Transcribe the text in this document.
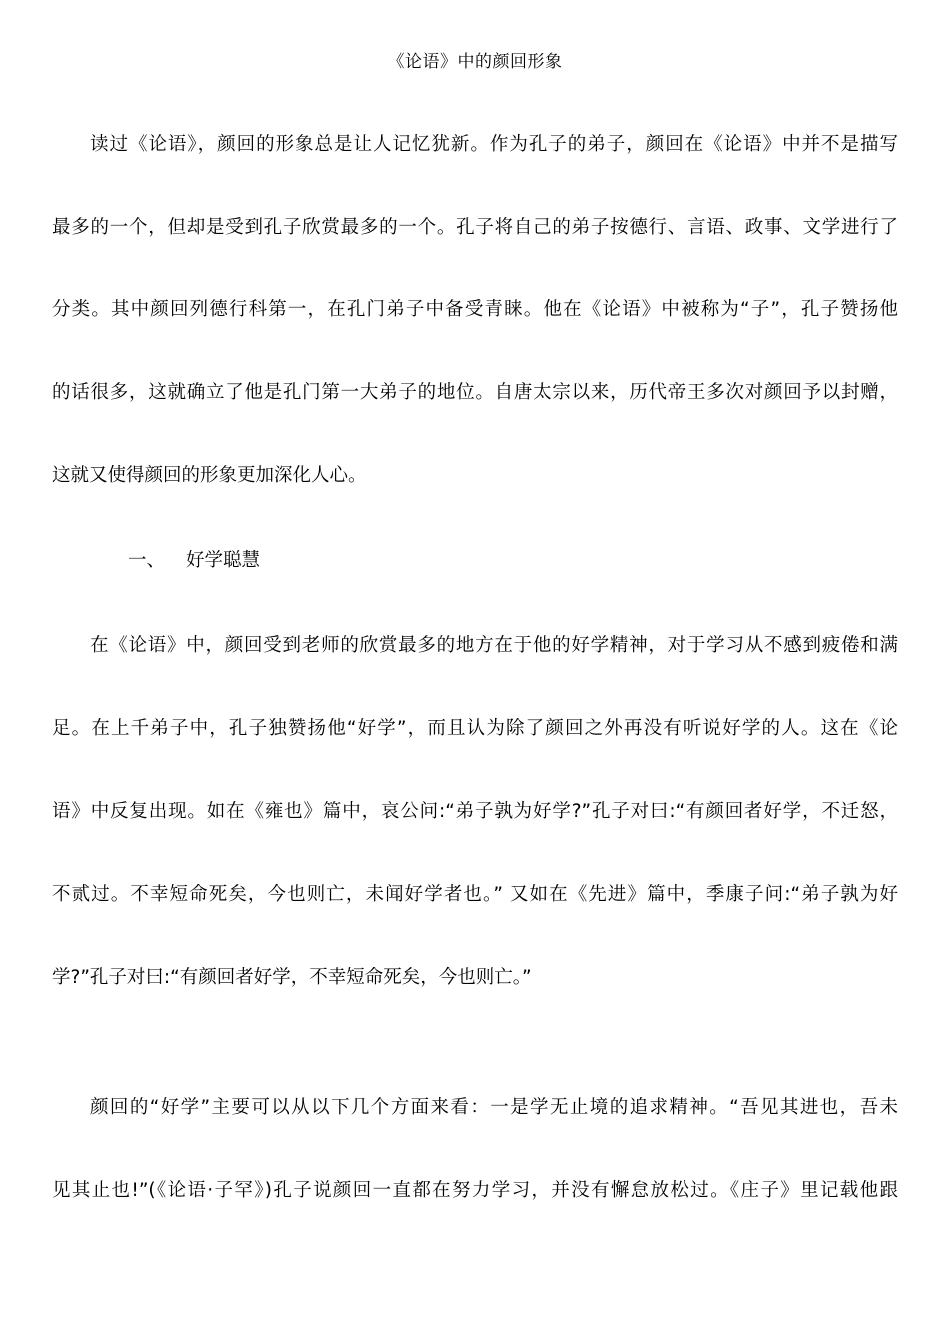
《论语》中的颜回形象
读过《论语》，颜回的形象总是让人记忆犹新。作为孔子的弟子，颜回在《论语》中并不是描写
最多的一个，但却是受到孔子欣赏最多的一个。孔子将自己的弟子按德行、言语、政事、文学进行了
分类。其中颜回列德行科第一，在孔门弟子中备受青睐。他在《论语》中被称为“子”，孔子赞扬他
的话很多，这就确立了他是孔门第一大弟子的地位。自唐太宗以来，历代帝王多次对颜回予以封赠，
这就又使得颜回的形象更加深化人心。
一、 好学聪慧
在《论语》中，颜回受到老师的欣赏最多的地方在于他的好学精神，对于学习从不感到疲倦和满
足。在上千弟子中，孔子独赞扬他“好学”，而且认为除了颜回之外再没有听说好学的人。这在《论
语》中反复出现。如在《雍也》篇中，哀公问:“弟子孰为好学?”孔子对曰:“有颜回者好学，不迁怒，
不贰过。不幸短命死矣，今也则亡，未闻好学者也。” 又如在《先进》篇中，季康子问:“弟子孰为好
学?”孔子对曰:“有颜回者好学，不幸短命死矣，今也则亡。”
颜回的“好学”主要可以从以下几个方面来看：一是学无止境的追求精神。“吾见其进也，吾未
见其止也!”(《论语·子罕》)孔子说颜回一直都在努力学习，并没有懈怠放松过。《庄子》里记载他跟
